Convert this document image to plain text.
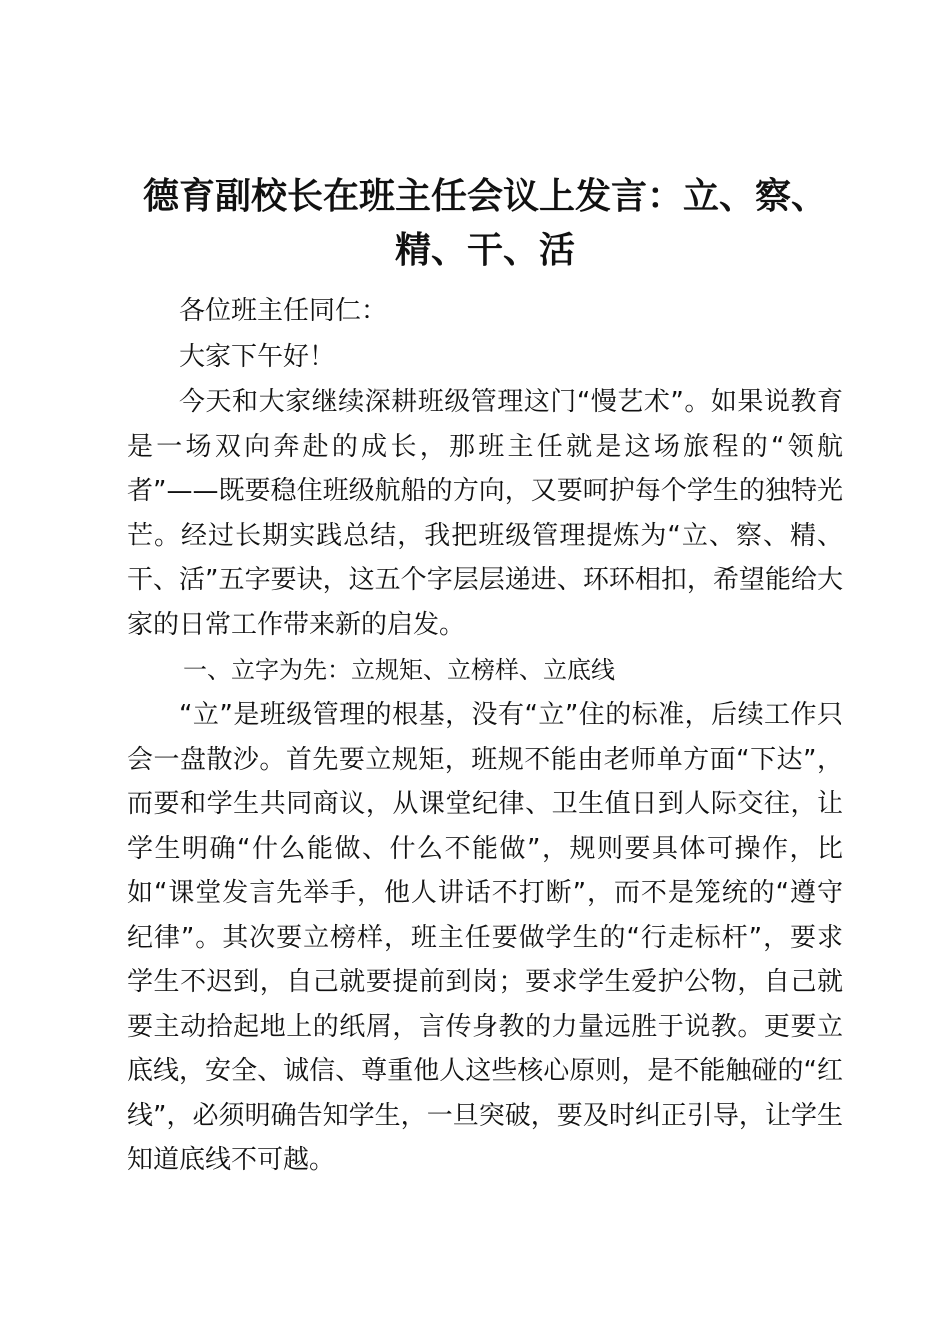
德育副校长在班主任会议上发言：立、察、精、干、活

各位班主任同仁：

大家下午好！

今天和大家继续深耕班级管理这门“慢艺术”。如果说教育是一场双向奔赴的成长，那班主任就是这场旅程的“领航者”——既要稳住班级航船的方向，又要呵护每个学生的独特光芒。经过长期实践总结，我把班级管理提炼为“立、察、精、干、活”五字要诀，这五个字层层递进、环环相扣，希望能给大家的日常工作带来新的启发。

一、立字为先：立规矩、立榜样、立底线

“立”是班级管理的根基，没有“立”住的标准，后续工作只会一盘散沙。首先要立规矩，班规不能由老师单方面“下达”，而要和学生共同商议，从课堂纪律、卫生值日到人际交往，让学生明确“什么能做、什么不能做”，规则要具体可操作，比如“课堂发言先举手，他人讲话不打断”，而不是笼统的“遵守纪律”。其次要立榜样，班主任要做学生的“行走标杆”，要求学生不迟到，自己就要提前到岗；要求学生爱护公物，自己就要主动拾起地上的纸屑，言传身教的力量远胜于说教。更要立底线，安全、诚信、尊重他人这些核心原则，是不能触碰的“红线”，必须明确告知学生，一旦突破，要及时纠正引导，让学生知道底线不可越。
